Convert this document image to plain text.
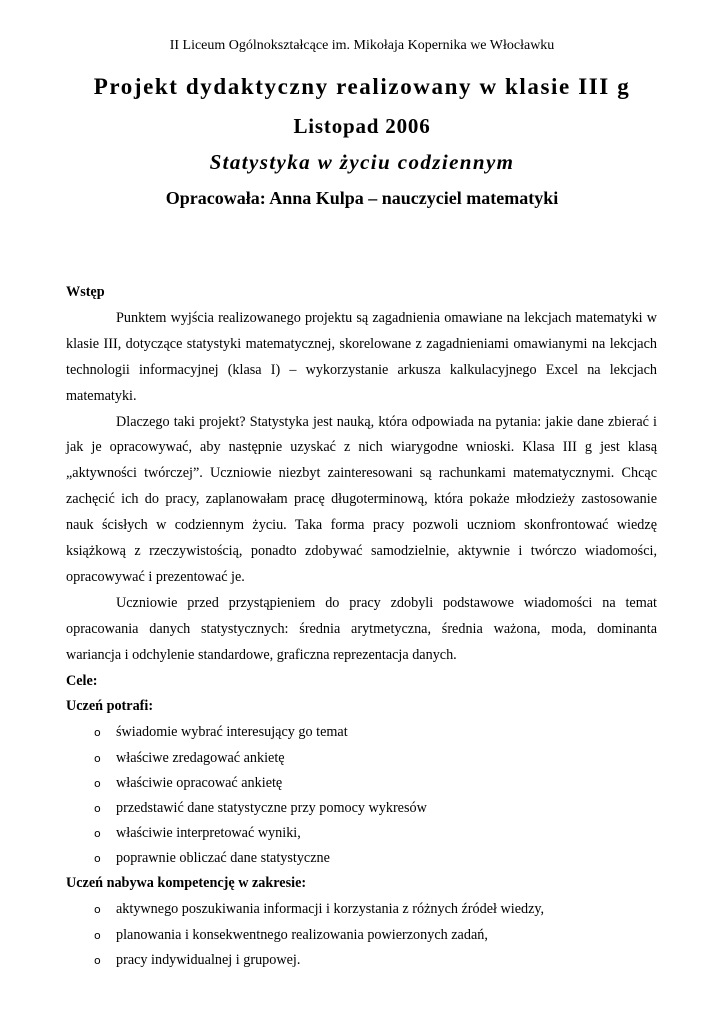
II Liceum Ogólnokształcące im. Mikołaja Kopernika we Włocławku
Projekt dydaktyczny realizowany w klasie III g
Listopad 2006
Statystyka w życiu codziennym
Opracowała: Anna Kulpa – nauczyciel matematyki

Wstęp

Punktem wyjścia realizowanego projektu są zagadnienia omawiane na lekcjach matematyki w klasie III, dotyczące statystyki matematycznej, skorelowane z zagadnieniami omawianymi na lekcjach technologii informacyjnej (klasa I) – wykorzystanie arkusza kalkulacyjnego Excel na lekcjach matematyki.

Dlaczego taki projekt? Statystyka jest nauką, która odpowiada na pytania: jakie dane zbierać i jak je opracowywać, aby następnie uzyskać z nich wiarygodne wnioski. Klasa III g jest klasą „aktywności twórczej”. Uczniowie niezbyt zainteresowani są rachunkami matematycznymi. Chcąc zachęcić ich do pracy, zaplanowałam pracę długoterminową, która pokaże młodzieży zastosowanie nauk ścisłych w codziennym życiu. Taka forma pracy pozwoli uczniom skonfrontować wiedzę książkową z rzeczywistością, ponadto zdobywać samodzielnie, aktywnie i twórczo wiadomości, opracowywać i prezentować je.

Uczniowie przed przystąpieniem do pracy zdobyli podstawowe wiadomości na temat opracowania danych statystycznych: średnia arytmetyczna, średnia ważona, moda, dominanta wariancja i odchylenie standardowe, graficzna reprezentacja danych.

Cele:

Uczeń potrafi:

o świadomie wybrać interesujący go temat
o właściwe zredagować ankietę
o właściwie opracować ankietę
o przedstawić dane statystyczne przy pomocy wykresów
o właściwie interpretować wyniki,
o poprawnie obliczać dane statystyczne

Uczeń nabywa kompetencję w zakresie:

o aktywnego poszukiwania informacji i korzystania z różnych źródeł wiedzy,
o planowania i konsekwentnego realizowania powierzonych zadań,
o pracy indywidualnej i grupowej.
